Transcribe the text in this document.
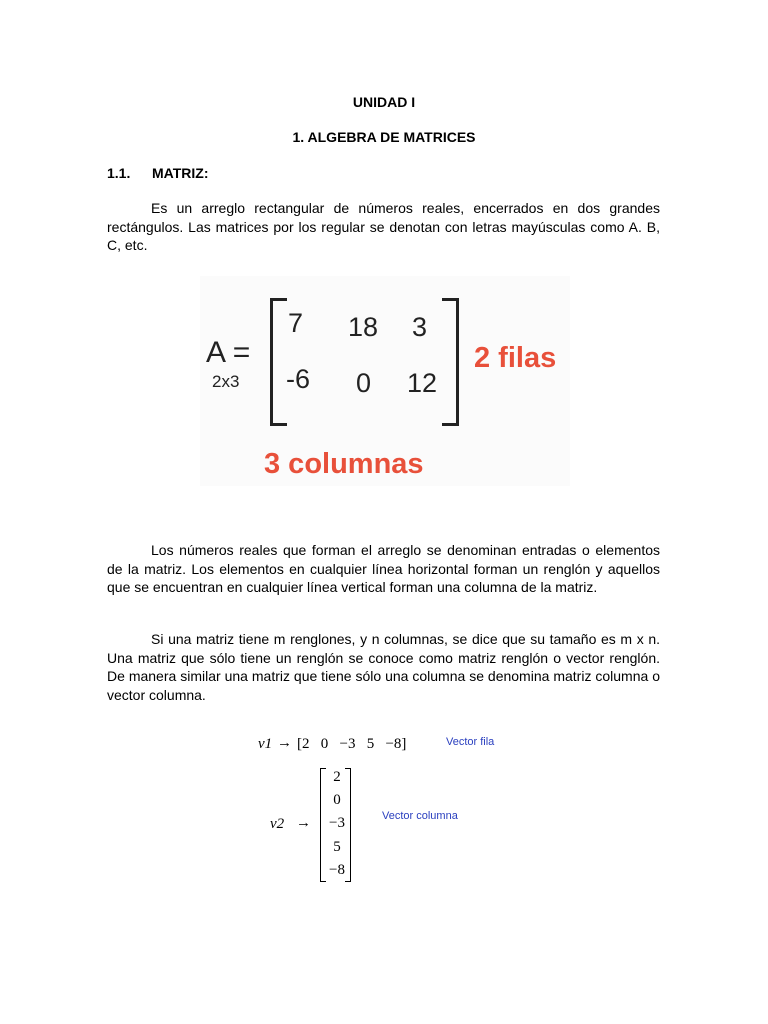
UNIDAD I
1. ALGEBRA DE MATRICES
1.1. MATRIZ:
Es un arreglo rectangular de números reales, encerrados en dos grandes rectángulos. Las matrices por los regular se denotan con letras mayúsculas como A. B, C, etc.
A =
2x3
7 18 3
-6 0 12
2 filas
3 columnas
Los números reales que forman el arreglo se denominan entradas o elementos de la matriz. Los elementos en cualquier línea horizontal forman un renglón y aquellos que se encuentran en cualquier línea vertical forman una columna de la matriz.
Si una matriz tiene m renglones, y n columnas, se dice que su tamaño es m x n. Una matriz que sólo tiene un renglón se conoce como matriz renglón o vector renglón. De manera similar una matriz que tiene sólo una columna se denomina matriz columna o vector columna.
v1 → [2   0   −3   5   −8]	Vector fila
v2 →
2
0
−3
5
−8
Vector columna
